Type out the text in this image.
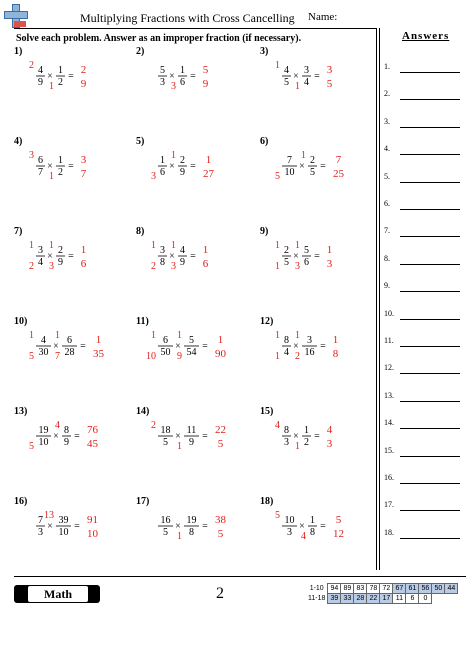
Multiplying Fractions with Cross Cancelling Name:
Solve each problem. Answer as an improper fraction (if necessary).
1 )
2 4
9
×
1
1
2
=
2
9
2 )
5
3
×
3
1
6
=
5
9
3 )
1 4
5
×
1
3
4
=
3
5
4 )
3 6
7
×
1
1
2
=
3
7
5 )
3
1
6
×
1 2
9
=
1
27
6 )
5
7
10
×
1 2
5
=
7
25
7 )
1
2
3
4
×
1
3
2
9
=
1
6
8 )
1
2
3
8
×
1
3
4
9
=
1
6
9 )
1
1
2
5
×
1
3
5
6
=
1
3
10 )
1
5
4
30
×
1
7
6
28
=
1
35
11 )
1
10
6
50
×
1
9
5
54
=
1
90
12 )
1
1
8
4
×
1
2
3
16
=
1
8
13 )
5
19
10
×
4 8
9
=
76
45
14 )
2 18
5
×
1
11
9
=
22
5
15 )
4 8
3
×
1
1
2
=
4
3
16 )
7
3
×
13 39
10
=
91
10
17 )
16
5
×
1
19
8
=
38
5
18 )
5 10
3
×
4
1
8
=
5
12
Answers
1.
2.
3.
4.
5.
6.
7.
8.
9.
10.
11.
12.
13.
14.
15.
16.
17.
18.
Math	2	1-10	94	89	83	78	72	67	61	56	50	44
11-18	39	33	28	22	17	11	6	0		
